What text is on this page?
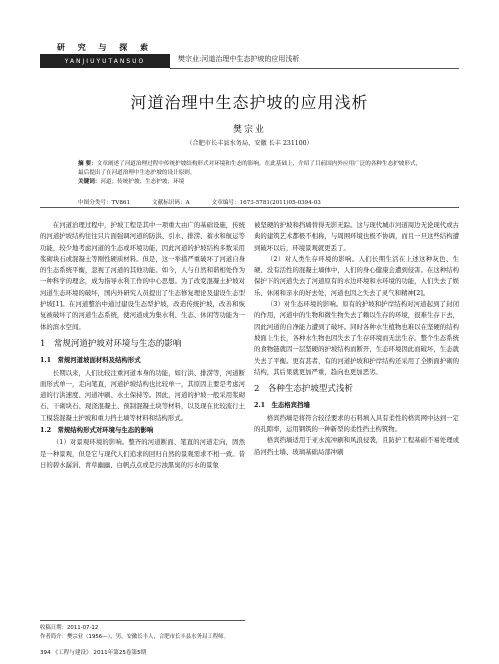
研 究 与 探 索
YANJIUYUTANSUO	樊宗业:河道治理中生态护坡的应用浅析
河道治理中生态护坡的应用浅析
樊宗业
（合肥市长丰县水务局，安徽 长丰 231100）
摘 要：文章阐述了河道治理过程中传统护坡结构形式对环境和生态的影响，在此基础上，介绍了目前国内外应用广泛的各种生态护坡形式，最后提出了在河道治理中生态护坡的设计原则。
关键词：河道；传统护坡；生态护坡；环境
中图分类号：TV861	文献标识码：A	文章编号：1673-5781(2011)05-0394-03

在河道治理过程中，护坡工程是其中一项重大由广的基础设施，传统的河道护坡结构往往只片面强调河道的防洪、引水、排涝、蓄水和航运等功能，较少地考虑河道的生态或环境功能，因此河道的护坡结构多数采用浆砌块石或混凝土等刚性硬质材料。但是，这一举措严重破坏了河道自身的生态系统平衡，忽视了河道的其他功能。如今，人与自然和谐相处作为一种科学的理念，成为指导水利工作的中心思想。为了改变混凝土护坡对河道生态环境的破坏，国内外研究人员提出了生态修复理论及建设生态型护坡[1]。在河道整治中通过建设生态型护坡，改造传统护坡，改善和恢复被破坏了的河道生态系统，使河道成为集水利、生态、休闲等功能为一体的滨水空间。

1　常规河道护坡对环境与生态的影响
1.1　常规河道坡面材料及结构形式

长期以来，人们比较注重河道本身的功能，如行洪、排涝等，河道断面形式单一，走向笔直，河道护坡结构也比较单一，其原因主要是考虑河道的行洪速度、河道冲刷、水土保持等。因此，河道的护坡一般采用浆砌石、干砌块石、现浇混凝土、预制混凝土块等材料，以及现在比较流行土工模袋混凝土护坡和重力挡土墙等材料和结构形式。

1.2　常规结构形式对环境与生态的影响

（1）对景观环境的影响。整齐的河道断面、笔直的河道走向，固然是一种景观，但是它与现代人们追求的回归自然的景观需求不相一致。昔日的碧水潺涓、青草幽幽、白帆点点或是污浊黑臭的污水的景象

被坚硬的护坡和挡墙替得无影无踪。这与现代城市河道周边无论现代或古典的建筑艺术都极不相称，与周围环境也极不协调，而且一旦这些结构遭到破坏以后，环境景观就更丢了。

（2）对人类生存环境的影响。人们长期生活在上述这种灰色、生硬、没有活性的混凝土墙体中，人们的身心健康会遭到侵害。在这种结构保护下的河道失去了河道原有的水边环境和水环境的功能，人们失去了娱乐、休闲和亲水的好去处，河道也因之失去了灵气和精神[2]。

（3）对生态环境的影响。原有的护坡和护岸结构对河道起到了封闭的作用，河道中的生物和微生物失去了赖以生存的环境，很难生存下去，因此河道的自净能力遭到了破坏。同时各种水生植物也难以在坚硬的结构坡面上生长，各种水生物也因失去了生存环境而无法生存。整个生态系统的食物链就因一层坚硬的护坡结构而断开，生态环境因此而破坏，生态就失去了平衡。更有甚者，有的河道护坡和护岸结构还采用了全断面护砌的结构，其后果就更加严重，趋向也更加恶劣。

2　各种生态护坡型式浅析
2.1　生态格宾挡墙

格宾挡墙是将符合较径要求的石料填入具有柔性的格宾网中达到一定的孔隙率，运用钢筑的一种新型的柔性挡土构筑物。

格宾挡墙适用于亚水流冲刷和风浪侵袭，且防护工程基础不易处理或沿河挡土墙、玻璃基础局部冲刷

收稿日期：2011-07-12
作者简介：樊宗业（1956—），男，安徽长丰人，合肥市长丰县水务局工程师。
394 《工程与建设》 2011年第25卷第5期
